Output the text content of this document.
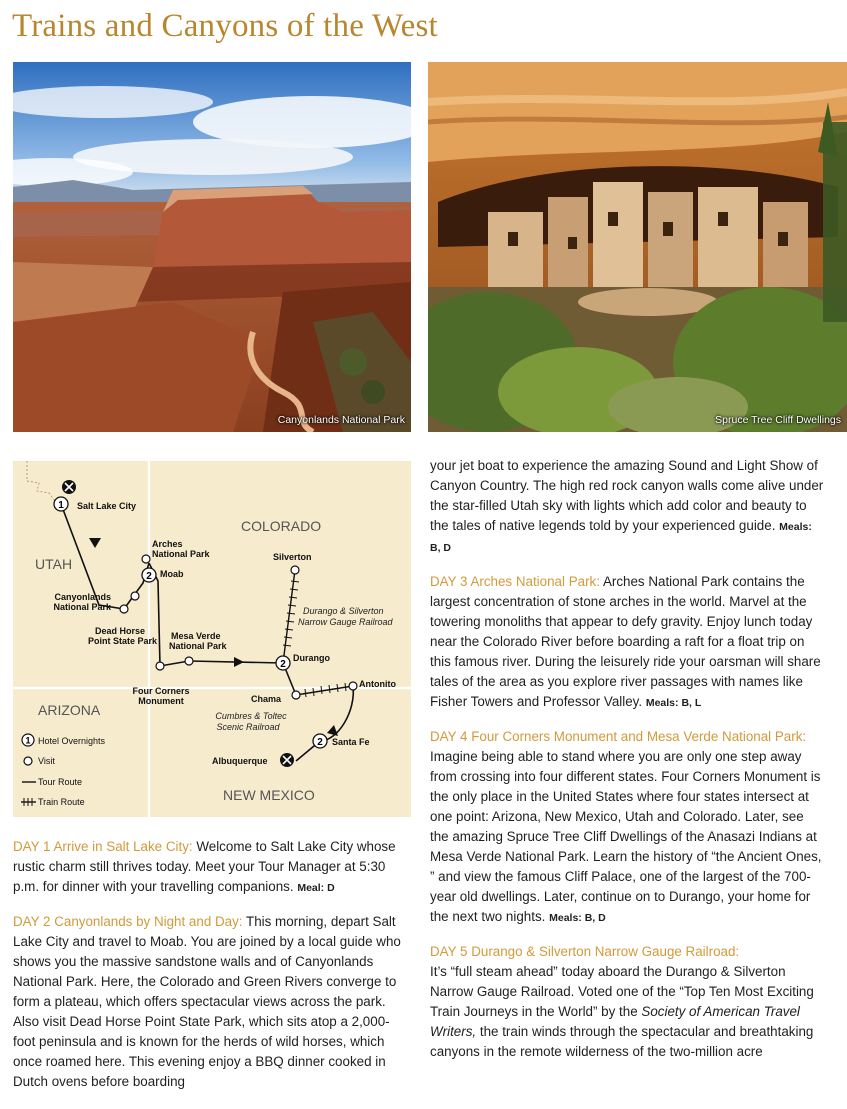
Trains and Canyons of the West
Canyonlands National Park	Spruce Tree Cliff Dwellings
COLORADO
UTAH
ARIZONA
NEW MEXICO
1
2
2
2
Salt Lake City
Arches
National Park
Moab
Canyonlands
National Park
Dead Horse
Point State Park Mesa Verde
National Park
Four Corners
Monument
Silverton
Durango
Chama
Antonito
Santa Fe
Albuquerque
Durango & Silverton
Narrow Gauge Railroad
Cumbres & Toltec
Scenic Railroad
1 Hotel Overnights
Visit
Tour Route
Train Route

DAY 1 Arrive in Salt Lake City: Welcome to Salt Lake City whose rustic charm still thrives today. Meet your Tour Manager at 5:30 p.m. for dinner with your travelling companions. Meal: D

DAY 2 Canyonlands by Night and Day: This morning, depart Salt Lake City and travel to Moab. You are joined by a local guide who shows you the massive sandstone walls and of Canyonlands National Park. Here, the Colorado and Green Rivers converge to form a plateau, which offers spectacular views across the park. Also visit Dead Horse Point State Park, which sits atop a 2,000-foot peninsula and is known for the herds of wild horses, which once roamed here. This evening enjoy a BBQ dinner cooked in Dutch ovens before boarding

your jet boat to experience the amazing Sound and Light Show of Canyon Country. The high red rock canyon walls come alive under the star-filled Utah sky with lights which add color and beauty to the tales of native legends told by your experienced guide. Meals: B, D

DAY 3 Arches National Park: Arches National Park contains the largest concentration of stone arches in the world. Marvel at the towering monoliths that appear to defy gravity. Enjoy lunch today near the Colorado River before boarding a raft for a float trip on this famous river. During the leisurely ride your oarsman will share tales of the area as you explore river passages with names like Fisher Towers and Professor Valley. Meals: B, L

DAY 4 Four Corners Monument and Mesa Verde National Park: Imagine being able to stand where you are only one step away from crossing into four different states. Four Corners Monument is the only place in the United States where four states intersect at one point: Arizona, New Mexico, Utah and Colorado. Later, see the amazing Spruce Tree Cliff Dwellings of the Anasazi Indians at Mesa Verde National Park. Learn the history of “the Ancient Ones, ” and view the famous Cliff Palace, one of the largest of the 700-year old dwellings. Later, continue on to Durango, your home for the next two nights. Meals: B, D

DAY 5 Durango & Silverton Narrow Gauge Railroad:
It’s “full steam ahead” today aboard the Durango & Silverton Narrow Gauge Railroad. Voted one of the “Top Ten Most Exciting Train Journeys in the World” by the Society of American Travel Writers, the train winds through the spectacular and breathtaking canyons in the remote wilderness of the two-million acre
